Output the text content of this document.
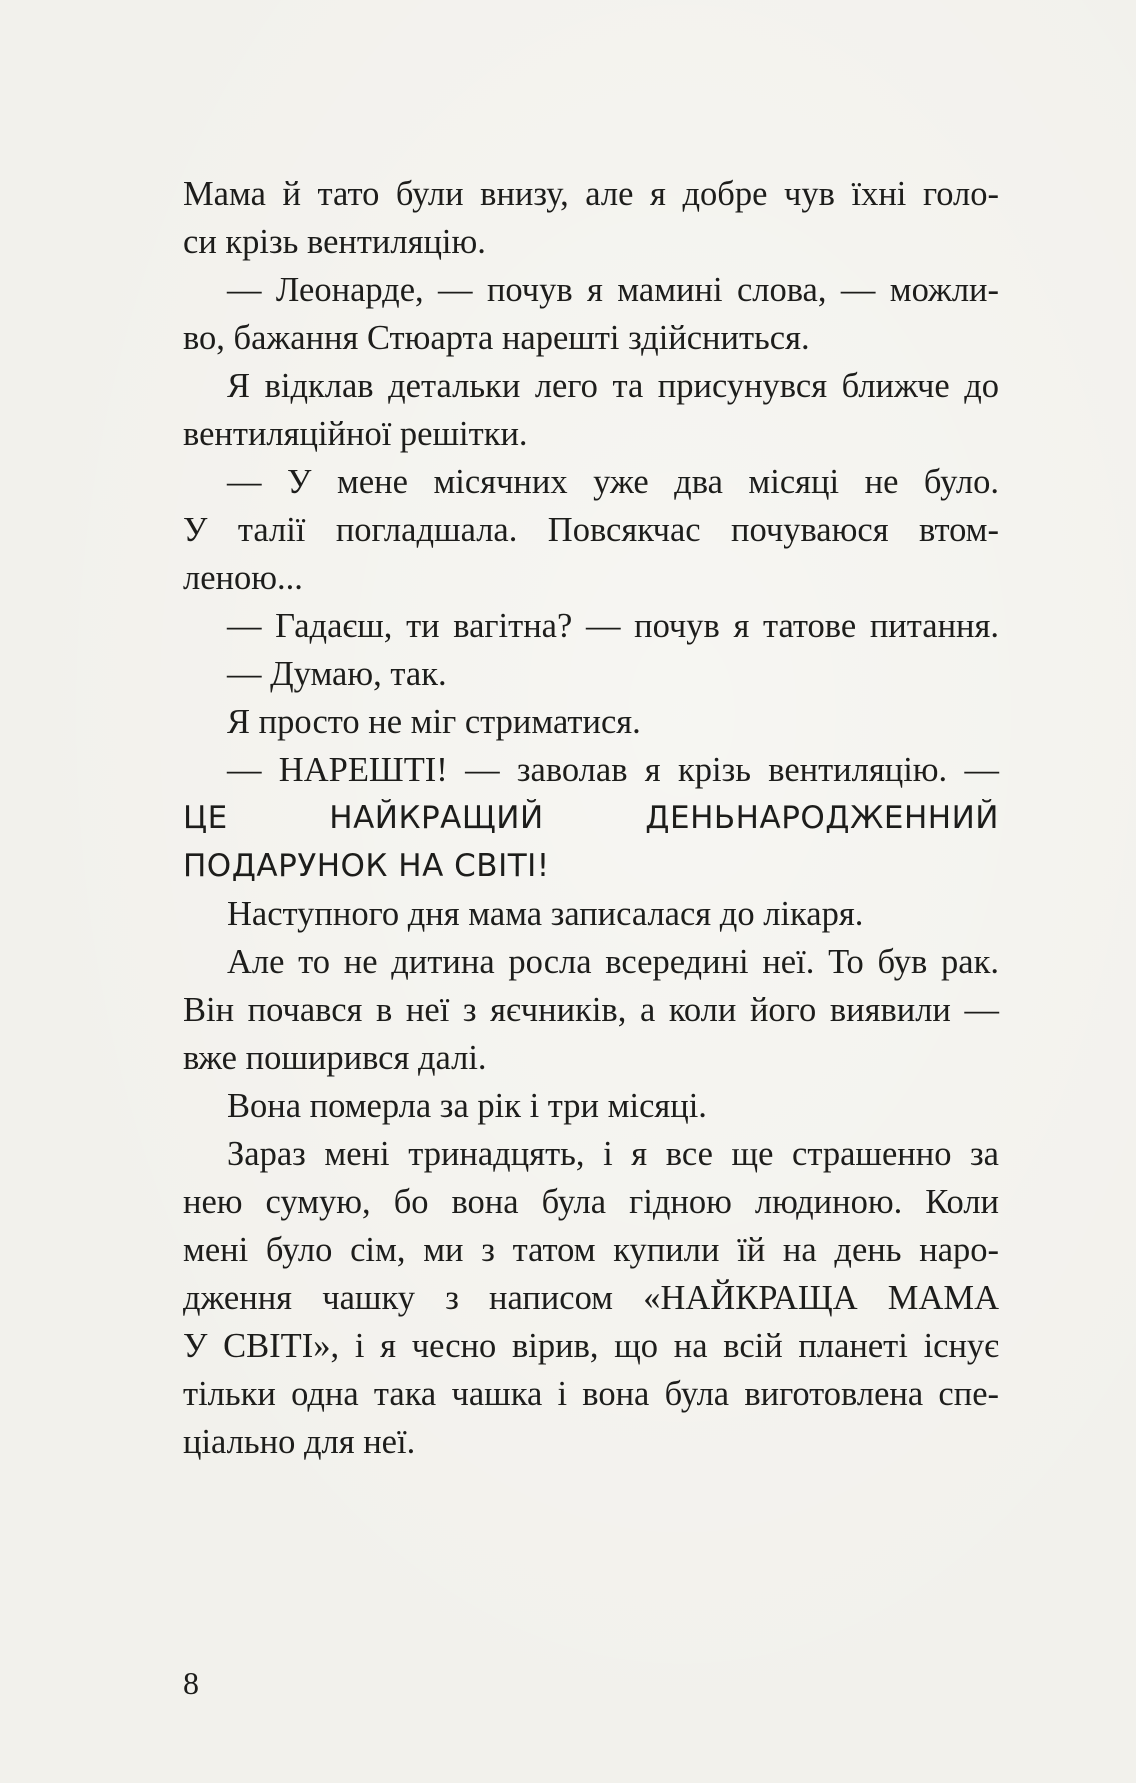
Мама й тато були внизу, але я добре чув їхні голо-
си крізь вентиляцію.
— Леонарде, — почув я мамині слова, — можли-
во, бажання Стюарта нарешті здійсниться.
Я відклав детальки лего та присунувся ближче до
вентиляційної решітки.
— У мене місячних уже два місяці не було.
У талії погладшала. Повсякчас почуваюся втом-
леною...
— Гадаєш, ти вагітна? — почув я татове питання.
— Думаю, так.
Я просто не міг стриматися.
— НАРЕШТІ! — заволав я крізь вентиляцію. —
ЦЕ НАЙКРАЩИЙ ДЕНЬНАРОДЖЕННИЙ
ПОДАРУНОК НА СВІТІ!
Наступного дня мама записалася до лікаря.
Але то не дитина росла всередині неї. То був рак.
Він почався в неї з яєчників, а коли його виявили —
вже поширився далі.
Вона померла за рік і три місяці.
Зараз мені тринадцять, і я все ще страшенно за
нею сумую, бо вона була гідною людиною. Коли
мені було сім, ми з татом купили їй на день наро-
дження чашку з написом «НАЙКРАЩА МАМА
У СВІТІ», і я чесно вірив, що на всій планеті існує
тільки одна така чашка і вона була виготовлена спе-
ціально для неї.
8
